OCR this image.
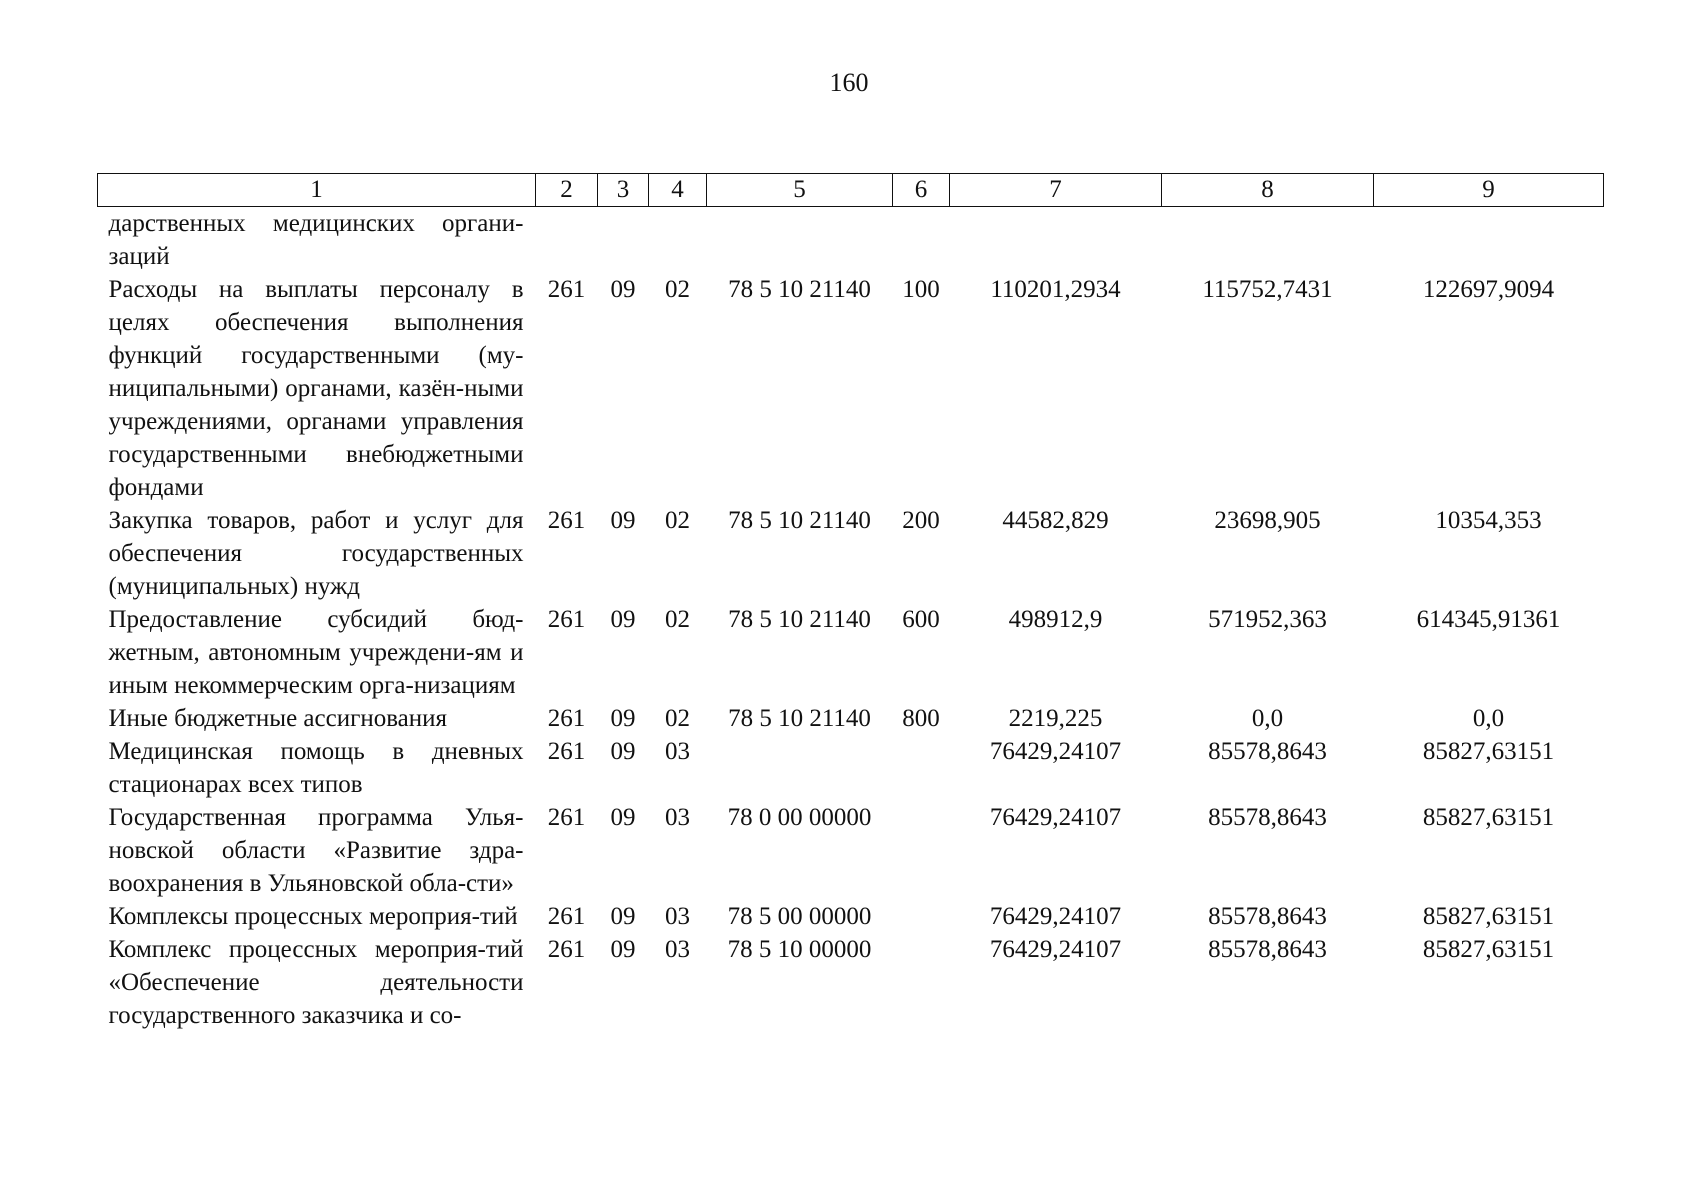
160
1	2	3	4	5	6	7	8	9
дарственных медицинских органи-заций								
Расходы на выплаты персоналу в целях обеспечения выполнения функций государственными (му-ниципальными) органами, казён-ными учреждениями, органами управления государственными внебюджетными фондами	261	09	02	78 5 10 21140	100	110201,2934	115752,7431	122697,9094
Закупка товаров, работ и услуг для обеспечения государственных (муниципальных) нужд	261	09	02	78 5 10 21140	200	44582,829	23698,905	10354,353
Предоставление субсидий бюд-жетным, автономным учреждени-ям и иным некоммерческим орга-низациям	261	09	02	78 5 10 21140	600	498912,9	571952,363	614345,91361
Иные бюджетные ассигнования	261	09	02	78 5 10 21140	800	2219,225	0,0	0,0
Медицинская помощь в дневных стационарах всех типов	261	09	03			76429,24107	85578,8643	85827,63151
Государственная программа Улья-новской области «Развитие здра-воохранения в Ульяновской обла-сти»	261	09	03	78 0 00 00000		76429,24107	85578,8643	85827,63151
Комплексы процессных мероприя-тий	261	09	03	78 5 00 00000		76429,24107	85578,8643	85827,63151
Комплекс процессных мероприя-тий «Обеспечение деятельности государственного заказчика и со-	261	09	03	78 5 10 00000		76429,24107	85578,8643	85827,63151
